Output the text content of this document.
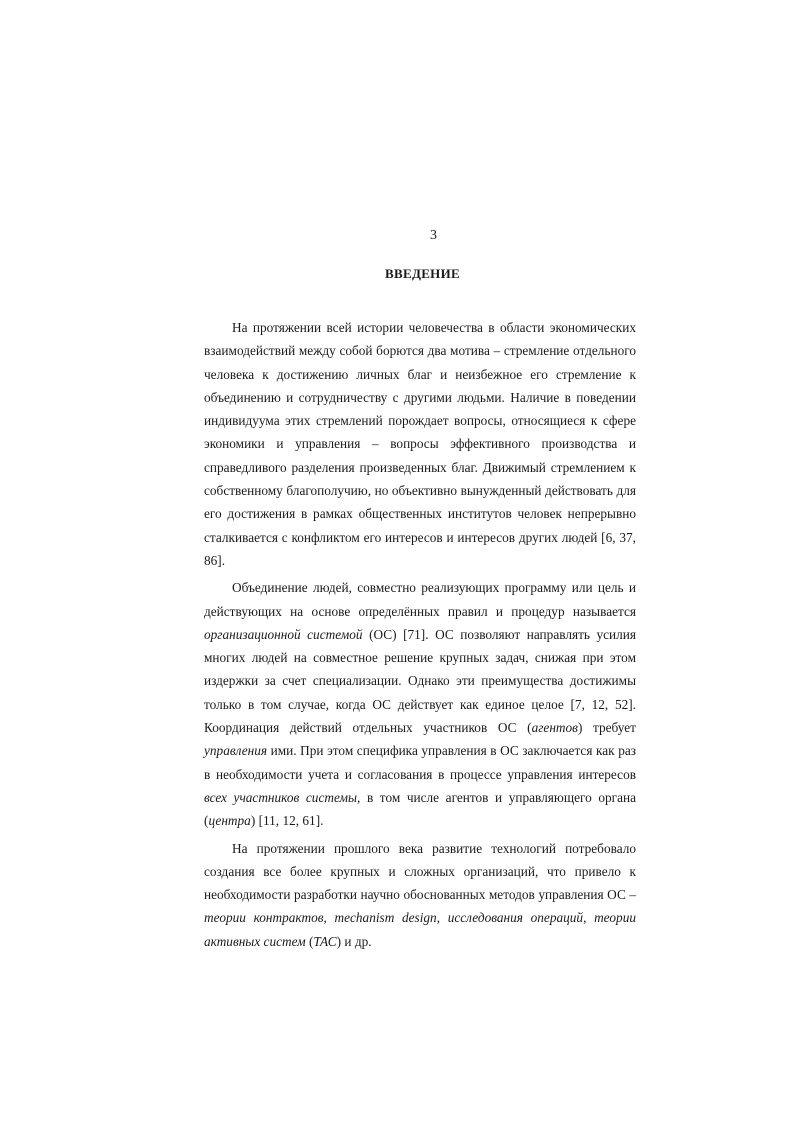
3
ВВЕДЕНИЕ

На протяжении всей истории человечества в области экономических взаимодействий между собой борются два мотива – стремление отдельного человека к достижению личных благ и неизбежное его стремление к объединению и сотрудничеству с другими людьми. Наличие в поведении индивидуума этих стремлений порождает вопросы, относящиеся к сфере экономики и управления – вопросы эффективного производства и справедливого разделения произведенных благ. Движимый стремлением к собственному благополучию, но объективно вынужденный действовать для его достижения в рамках общественных институтов человек непрерывно сталкивается с конфликтом его интересов и интересов других людей [6, 37, 86].

Объединение людей, совместно реализующих программу или цель и действующих на основе определённых правил и процедур называется организационной системой (ОС) [71]. ОС позволяют направлять усилия многих людей на совместное решение крупных задач, снижая при этом издержки за счет специализации. Однако эти преимущества достижимы только в том случае, когда ОС действует как единое целое [7, 12, 52]. Координация действий отдельных участников ОС (агентов) требует управления ими. При этом специфика управления в ОС заключается как раз в необходимости учета и согласования в процессе управления интересов всех участников системы, в том числе агентов и управляющего органа (центра) [11, 12, 61].

На протяжении прошлого века развитие технологий потребовало создания все более крупных и сложных организаций, что привело к необходимости разработки научно обоснованных методов управления ОС – теории контрактов, mechanism design, исследования операций, теории активных систем (ТАС) и др.
